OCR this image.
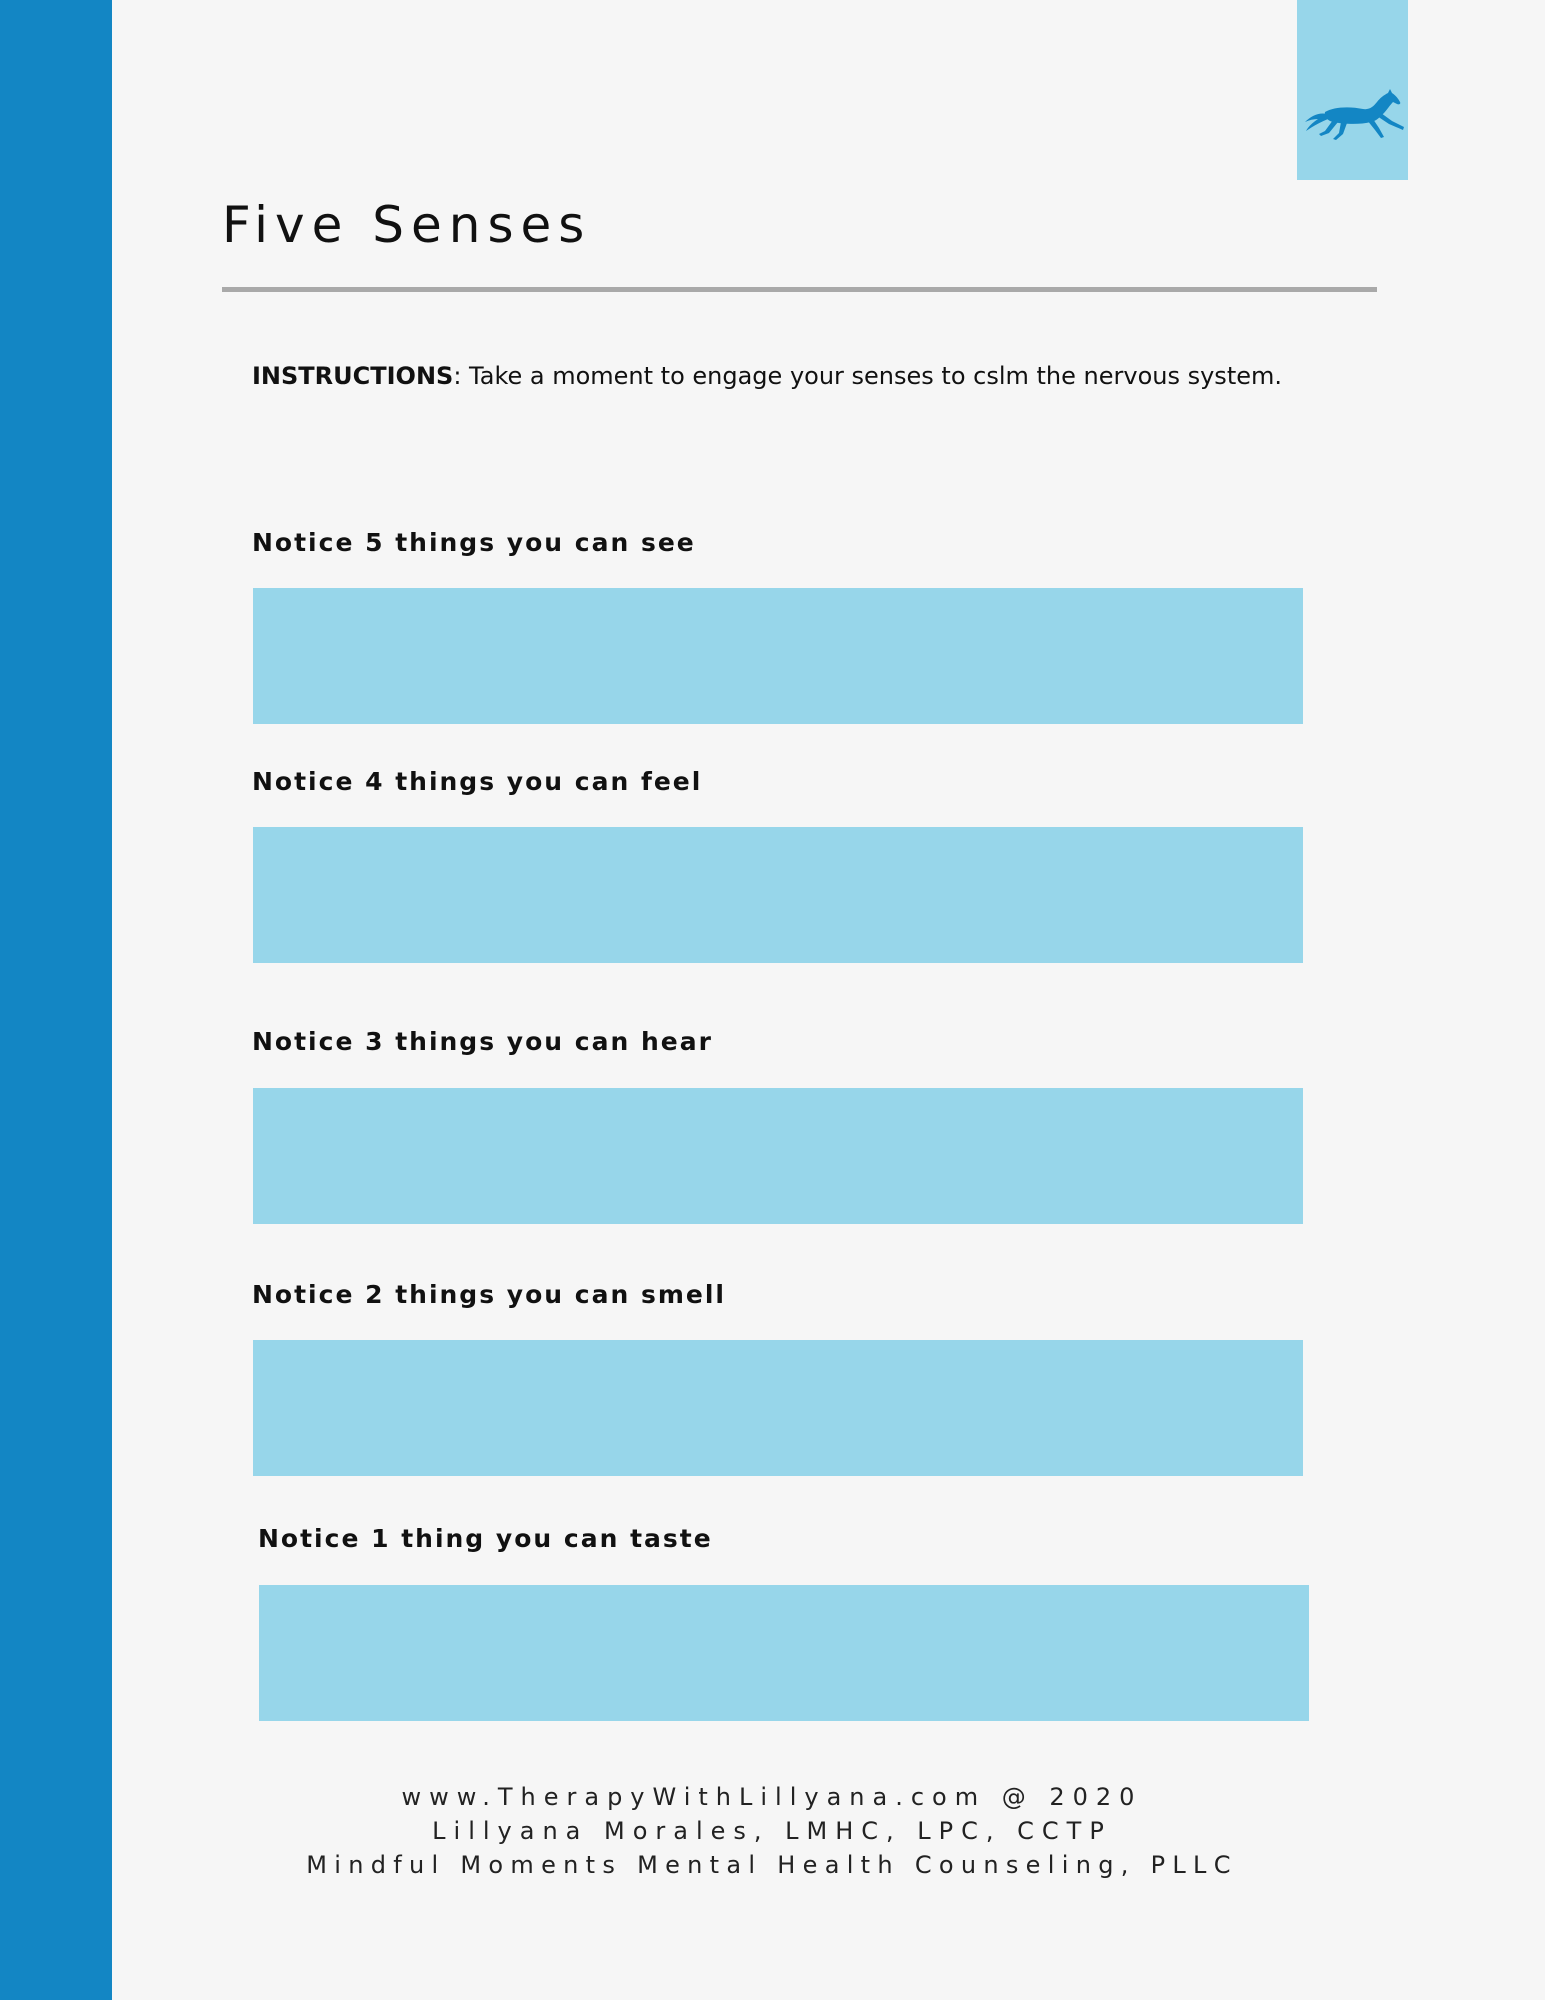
Five Senses

INSTRUCTIONS: Take a moment to engage your senses to cslm the nervous system.

Notice 5 things you can see

Notice 4 things you can feel

Notice 3 things you can hear

Notice 2 things you can smell

Notice 1 thing you can taste

www.TherapyWithLillyana.com @ 2020
Lillyana Morales, LMHC, LPC, CCTP
Mindful Moments Mental Health Counseling, PLLC
